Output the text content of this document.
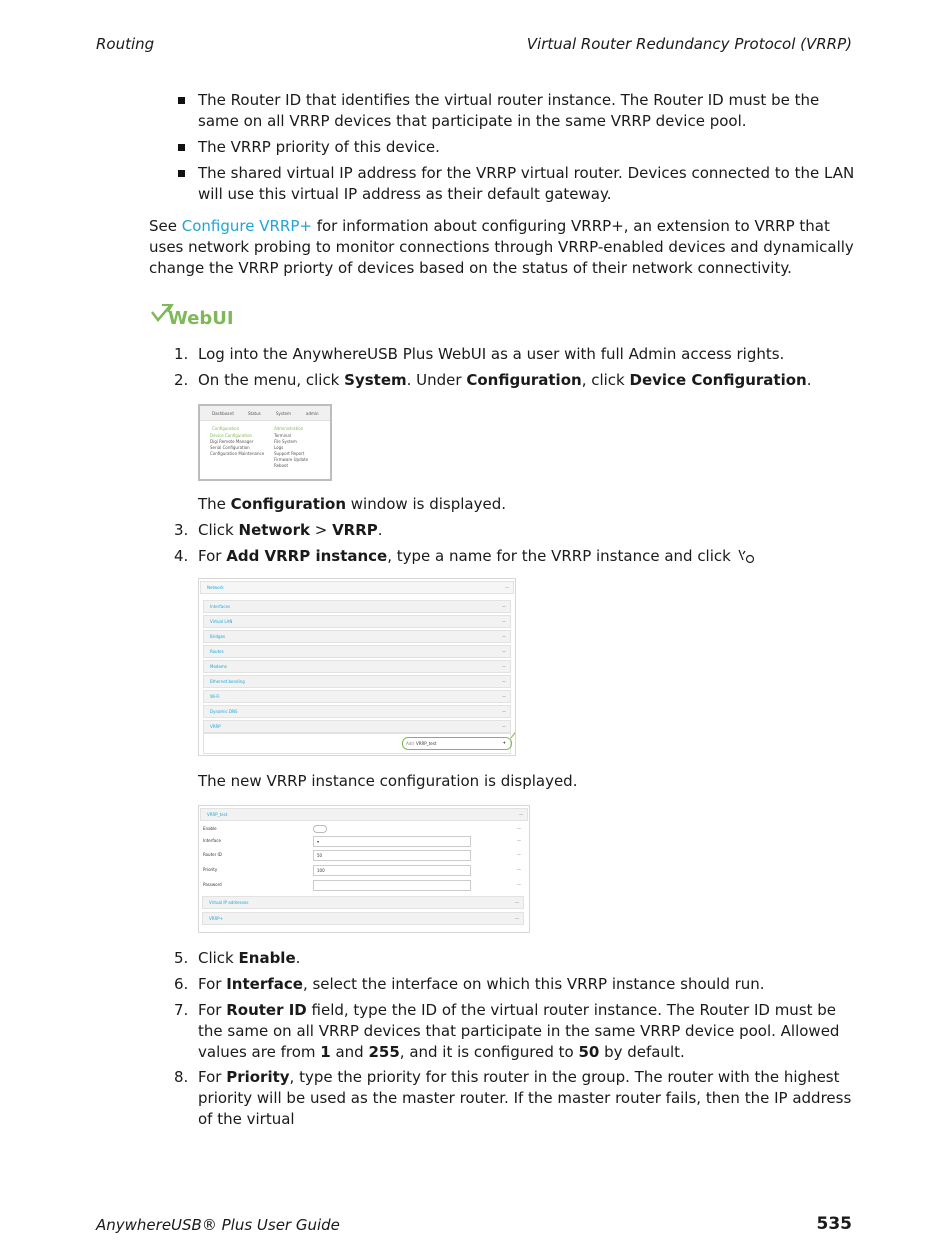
Routing	Virtual Router Redundancy Protocol (VRRP)
The Router ID that identifies the virtual router instance. The Router ID must be the same on all VRRP devices that participate in the same VRRP device pool.
The VRRP priority of this device.
The shared virtual IP address for the VRRP virtual router. Devices connected to the LAN will use this virtual IP address as their default gateway.

See Configure VRRP+ for information about configuring VRRP+, an extension to VRRP that uses network probing to monitor connections through VRRP-enabled devices and dynamically change the VRRP priorty of devices based on the status of their network connectivity.

WebUI
1. Log into the AnywhereUSB Plus WebUI as a user with full Admin access rights.
2. On the menu, click System. Under Configuration, click Device Configuration.
Dashboard	Status	System	admin
Configuration
Device Configuration
Digi Remote Manager
Serial Configuration
Configuration Maintenance
Administration
Terminal
File System
Logs
Support Report
Firmware Update
Reboot
The Configuration window is displayed.
3. Click Network > VRRP.
4. For Add VRRP instance, type a name for the VRRP instance and click
Network	—
Interfaces	—
Virtual LAN	—
Bridges	—
Routes	—
Modems	—
Ethernet bonding	—
Wi-Fi	—
Dynamic DNS	—
VRRP	—
Add VRRP_test	+
The new VRRP instance configuration is displayed.
VRRP_test	—
Enable	—
Interface	▾	—
Router ID	50	—
Priority	100	—
Password	—
Virtual IP addresses	—
VRRP+	—
5. Click Enable.
6. For Interface, select the interface on which this VRRP instance should run.
7. For Router ID field, type the ID of the virtual router instance. The Router ID must be the same on all VRRP devices that participate in the same VRRP device pool. Allowed values are from 1 and 255, and it is configured to 50 by default.
8. For Priority, type the priority for this router in the group. The router with the highest priority will be used as the master router. If the master router fails, then the IP address of the virtual
AnywhereUSB® Plus User Guide	535
